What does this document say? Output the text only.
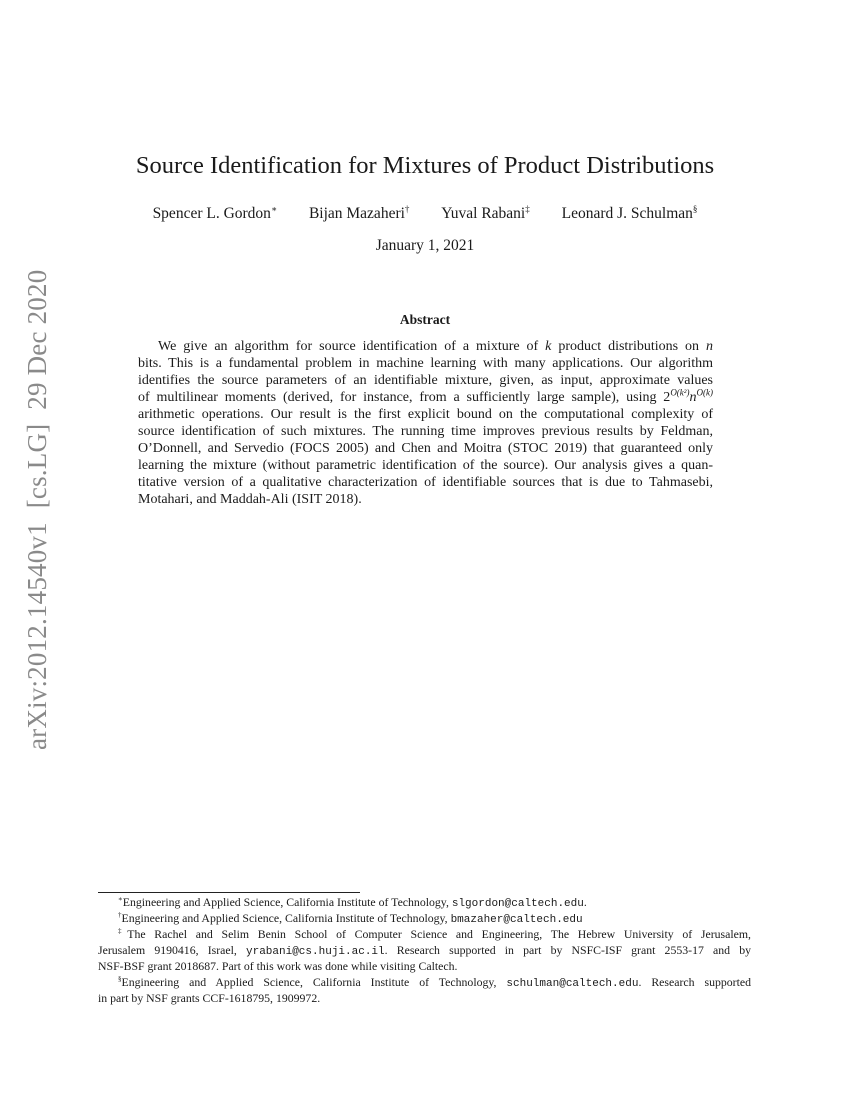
arXiv:2012.14540v1  [cs.LG]  29 Dec 2020
Source Identification for Mixtures of Product Distributions
Spencer L. Gordon∗ Bijan Mazaheri† Yuval Rabani‡ Leonard J. Schulman§
January 1, 2021
Abstract
We give an algorithm for source identification of a mixture of k product distributions on n
bits. This is a fundamental problem in machine learning with many applications. Our algorithm
identifies the source parameters of an identifiable mixture, given, as input, approximate values
of multilinear moments (derived, for instance, from a sufficiently large sample), using $2^{O(k^2)}n^{O(k)}$
arithmetic operations. Our result is the first explicit bound on the computational complexity of
source identification of such mixtures. The running time improves previous results by Feldman,
O’Donnell, and Servedio (FOCS 2005) and Chen and Moitra (STOC 2019) that guaranteed only
learning the mixture (without parametric identification of the source). Our analysis gives a quan-
titative version of a qualitative characterization of identifiable sources that is due to Tahmasebi,
Motahari, and Maddah-Ali (ISIT 2018).
∗Engineering and Applied Science, California Institute of Technology, slgordon@caltech.edu.
†Engineering and Applied Science, California Institute of Technology, bmazaher@caltech.edu
‡The Rachel and Selim Benin School of Computer Science and Engineering, The Hebrew University of Jerusalem,
Jerusalem 9190416, Israel, yrabani@cs.huji.ac.il. Research supported in part by NSFC-ISF grant 2553-17 and by
NSF-BSF grant 2018687. Part of this work was done while visiting Caltech.
§Engineering and Applied Science, California Institute of Technology, schulman@caltech.edu. Research supported
in part by NSF grants CCF-1618795, 1909972.
